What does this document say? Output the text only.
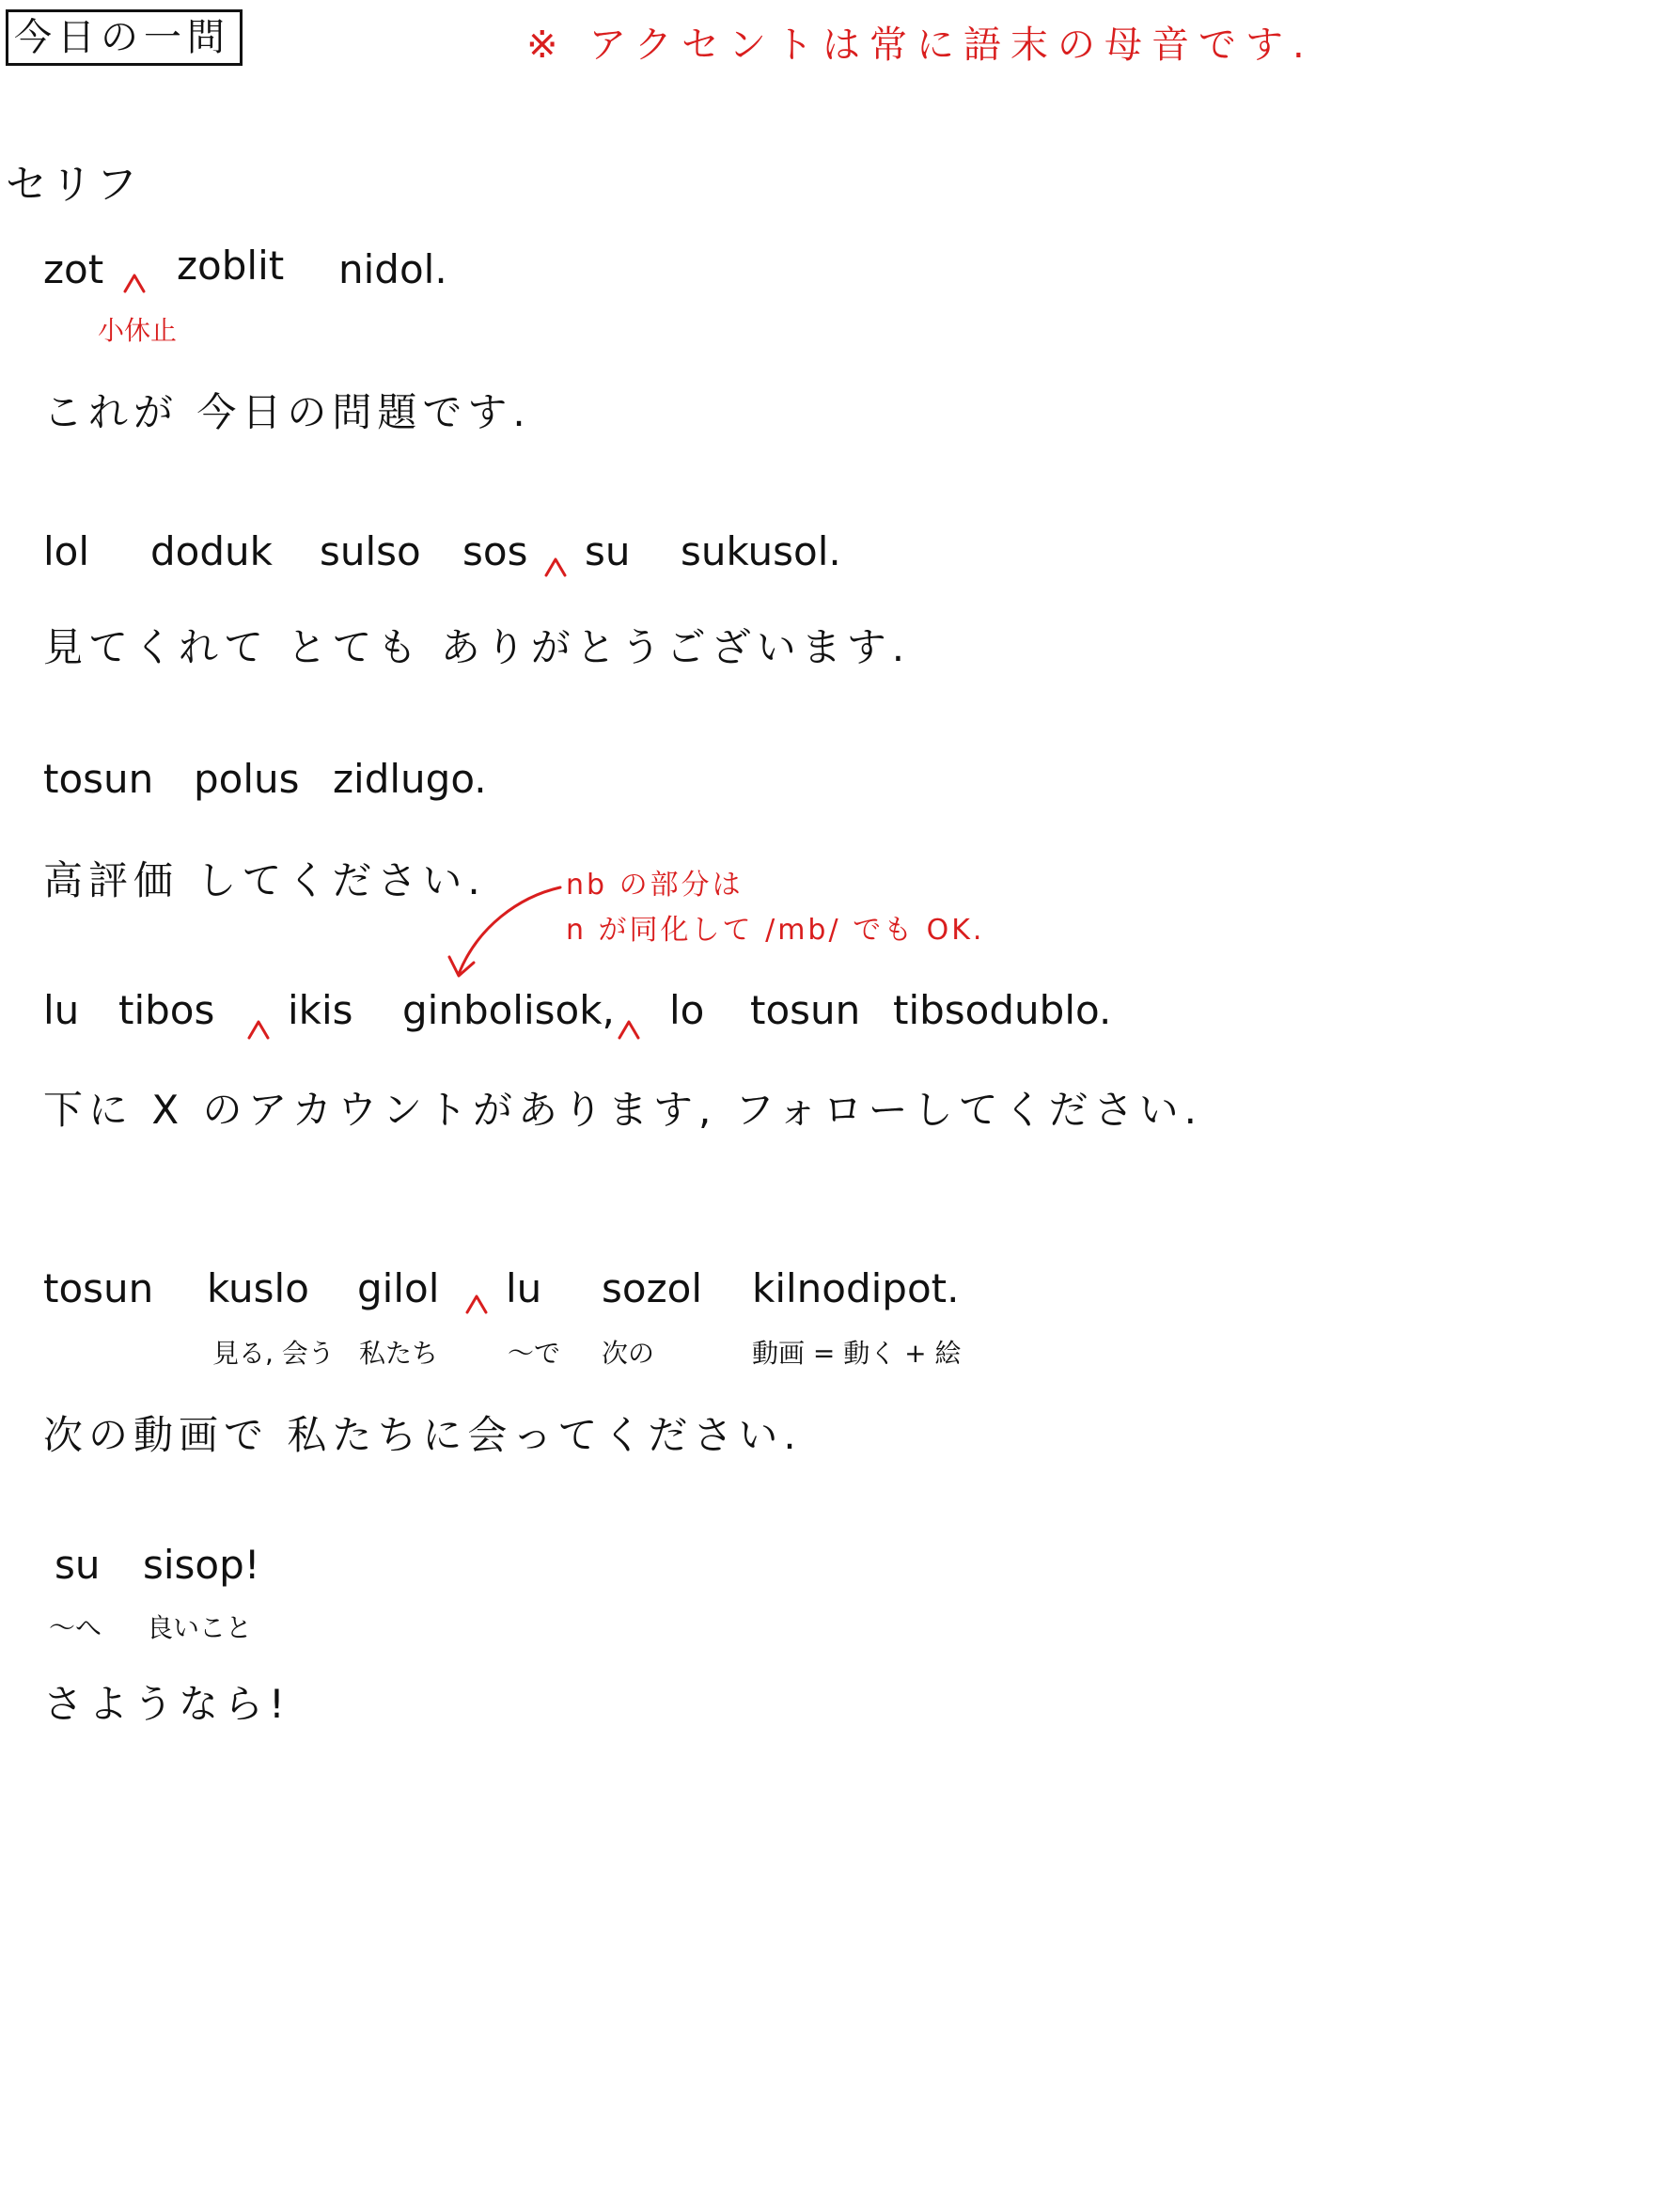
今日の一問	※ アクセントは常に語末の母音です.
セリフ
zot zoblit nidol.
小休止
これが 今日の問題です.
lol doduk sulso sos su sukusol.
見てくれて とても ありがとうございます.
tosun polus zidlugo.
高評価 してください.	nb の部分は
n が同化して /mb/ でも OK.
lu tibos ikis ginbolisok, lo tosun tibsodublo.
下に X のアカウントがあります, フォローしてください.
tosun kuslo gilol lu sozol kilnodipot.
見る, 会う 私たち	〜で 次の	動画 = 動く + 絵
次の動画で 私たちに会ってください.
su sisop!
〜へ 良いこと
さようなら!
